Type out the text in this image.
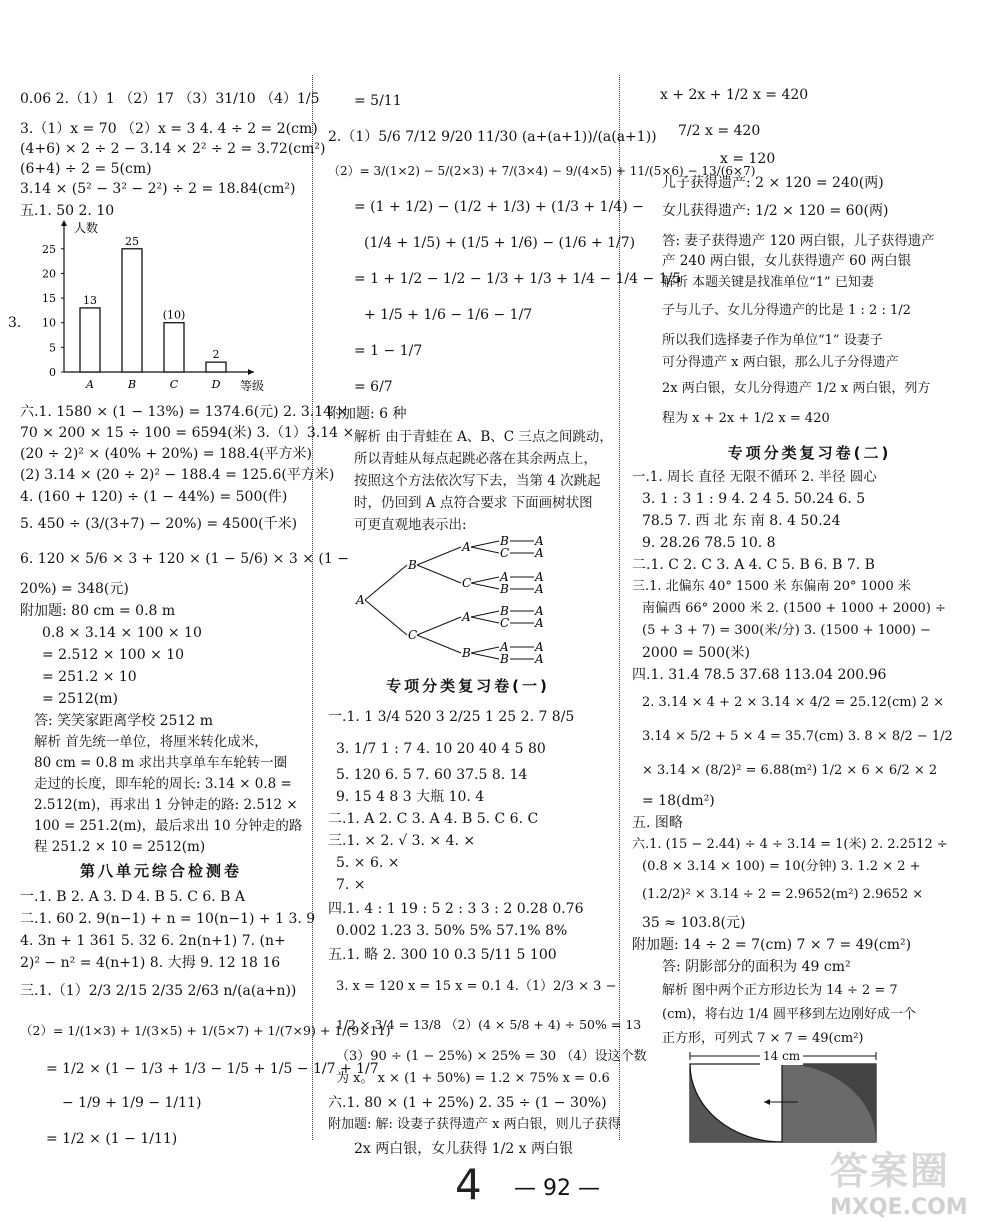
0.06 2.（1）1 （2）17 （3）31/10 （4）1/5
3.（1）x = 70 （2）x = 3 4. 4 ÷ 2 = 2(cm)
(4+6) × 2 ÷ 2 − 3.14 × 2² ÷ 2 = 3.72(cm²)
(6+4) ÷ 2 = 5(cm)
3.14 × (5² − 3² − 2²) ÷ 2 = 18.84(cm²)
五.1. 50 2. 10
3.
0
5
10
15
20
25
人数
等级
13
A
25
B
(10)
C
2
D
六.1. 1580 × (1 − 13%) = 1374.6(元) 2. 3.14 ×
70 × 200 × 15 ÷ 100 = 6594(米) 3.（1）3.14 ×
(20 ÷ 2)² × (40% + 20%) = 188.4(平方米)
(2) 3.14 × (20 ÷ 2)² − 188.4 = 125.6(平方米)
4. (160 + 120) ÷ (1 − 44%) = 500(件)
5. 450 ÷ (3/(3+7) − 20%) = 4500(千米)
6. 120 × 5/6 × 3 + 120 × (1 − 5/6) × 3 × (1 −
20%) = 348(元)
附加题: 80 cm = 0.8 m
0.8 × 3.14 × 100 × 10
= 2.512 × 100 × 10
= 251.2 × 10
= 2512(m)
答: 笑笑家距离学校 2512 m
解析 首先统一单位，将厘米转化成米，
80 cm = 0.8 m 求出共享单车车轮转一圈
走过的长度，即车轮的周长: 3.14 × 0.8 =
2.512(m)，再求出 1 分钟走的路: 2.512 ×
100 = 251.2(m)，最后求出 10 分钟走的路
程 251.2 × 10 = 2512(m)
第八单元综合检测卷
一.1. B 2. A 3. D 4. B 5. C 6. B A
二.1. 60 2. 9(n−1) + n = 10(n−1) + 1 3. 9
4. 3n + 1 361 5. 32 6. 2n(n+1) 7. (n+
2)² − n² = 4(n+1) 8. 大拇 9. 12 18 16
三.1.（1）2/3 2/15 2/35 2/63 n/(a(a+n))
（2）= 1/(1×3) + 1/(3×5) + 1/(5×7) + 1/(7×9) + 1/(9×11)
= 1/2 × (1 − 1/3 + 1/3 − 1/5 + 1/5 − 1/7 + 1/7
− 1/9 + 1/9 − 1/11)
= 1/2 × (1 − 1/11)
= 5/11
2.（1）5/6 7/12 9/20 11/30 (a+(a+1))/(a(a+1))
（2）= 3/(1×2) − 5/(2×3) + 7/(3×4) − 9/(4×5) + 11/(5×6) − 13/(6×7)
= (1 + 1/2) − (1/2 + 1/3) + (1/3 + 1/4) −
(1/4 + 1/5) + (1/5 + 1/6) − (1/6 + 1/7)
= 1 + 1/2 − 1/2 − 1/3 + 1/3 + 1/4 − 1/4 − 1/5
+ 1/5 + 1/6 − 1/6 − 1/7
= 1 − 1/7
= 6/7
附加题: 6 种
解析 由于青蛙在 A、B、C 三点之间跳动，
所以青蛙从每点起跳必落在其余两点上，
按照这个方法依次写下去，当第 4 次跳起
时，仍回到 A 点符合要求 下面画树状图
可更直观地表示出:
A
B
C
A
C
A
B
B
C
A
B
B
C
A
B
A
A
A
A
A
A
A
A
专项分类复习卷(一)
一.1. 1 3/4 520 3 2/25 1 25 2. 7 8/5
3. 1/7 1 : 7 4. 10 20 40 4 5 80
5. 120 6. 5 7. 60 37.5 8. 14
9. 15 4 8 3 大瓶 10. 4
二.1. A 2. C 3. A 4. B 5. C 6. C
三.1. × 2. √ 3. × 4. ×
5. × 6. ×
7. ×
四.1. 4 : 1 19 : 5 2 : 3 3 : 2 0.28 0.76
0.002 1.23 3. 50% 5% 57.1% 8%
五.1. 略 2. 300 10 0.3 5/11 5 100
3. x = 120 x = 15 x = 0.1 4.（1）2/3 × 3 −
1/2 × 3/4 = 13/8 （2）(4 × 5/8 + 4) ÷ 50% = 13
（3）90 ÷ (1 − 25%) × 25% = 30 （4）设这个数
为 x。 x × (1 + 50%) = 1.2 × 75% x = 0.6
六.1. 80 × (1 + 25%) 2. 35 ÷ (1 − 30%)
附加题: 解: 设妻子获得遗产 x 两白银，则儿子获得
2x 两白银，女儿获得 1/2 x 两白银
x + 2x + 1/2 x = 420
7/2 x = 420
x = 120
儿子获得遗产: 2 × 120 = 240(两)
女儿获得遗产: 1/2 × 120 = 60(两)
答: 妻子获得遗产 120 两白银，儿子获得遗产
产 240 两白银，女儿获得遗产 60 两白银
解析 本题关键是找准单位“1” 已知妻
子与儿子、女儿分得遗产的比是 1 : 2 : 1/2
所以我们选择妻子作为单位“1” 设妻子
可分得遗产 x 两白银，那么儿子分得遗产
2x 两白银，女儿分得遗产 1/2 x 两白银，列方
程为 x + 2x + 1/2 x = 420
专项分类复习卷(二)
一.1. 周长 直径 无限不循环 2. 半径 圆心
3. 1 : 3 1 : 9 4. 2 4 5. 50.24 6. 5
78.5 7. 西 北 东 南 8. 4 50.24
9. 28.26 78.5 10. 8
二.1. C 2. C 3. A 4. C 5. B 6. B 7. B
三.1. 北偏东 40° 1500 米 东偏南 20° 1000 米
南偏西 66° 2000 米 2. (1500 + 1000 + 2000) ÷
(5 + 3 + 7) = 300(米/分) 3. (1500 + 1000) −
2000 = 500(米)
四.1. 31.4 78.5 37.68 113.04 200.96
2. 3.14 × 4 + 2 × 3.14 × 4/2 = 25.12(cm) 2 ×
3.14 × 5/2 + 5 × 4 = 35.7(cm) 3. 8 × 8/2 − 1/2
× 3.14 × (8/2)² = 6.88(m²) 1/2 × 6 × 6/2 × 2
= 18(dm²)
五. 图略
六.1. (15 − 2.44) ÷ 4 ÷ 3.14 = 1(米) 2. 2.2512 ÷
(0.8 × 3.14 × 100) = 10(分钟) 3. 1.2 × 2 +
(1.2/2)² × 3.14 ÷ 2 = 2.9652(m²) 2.9652 ×
35 ≈ 103.8(元)
附加题: 14 ÷ 2 = 7(cm) 7 × 7 = 49(cm²)
答: 阴影部分的面积为 49 cm²
解析 图中两个正方形边长为 14 ÷ 2 = 7
(cm)，将右边 1/4 圆平移到左边刚好成一个
正方形，可列式 7 × 7 = 49(cm²)
14 cm
4 — 92 —	答案圈
MXQE.COM
